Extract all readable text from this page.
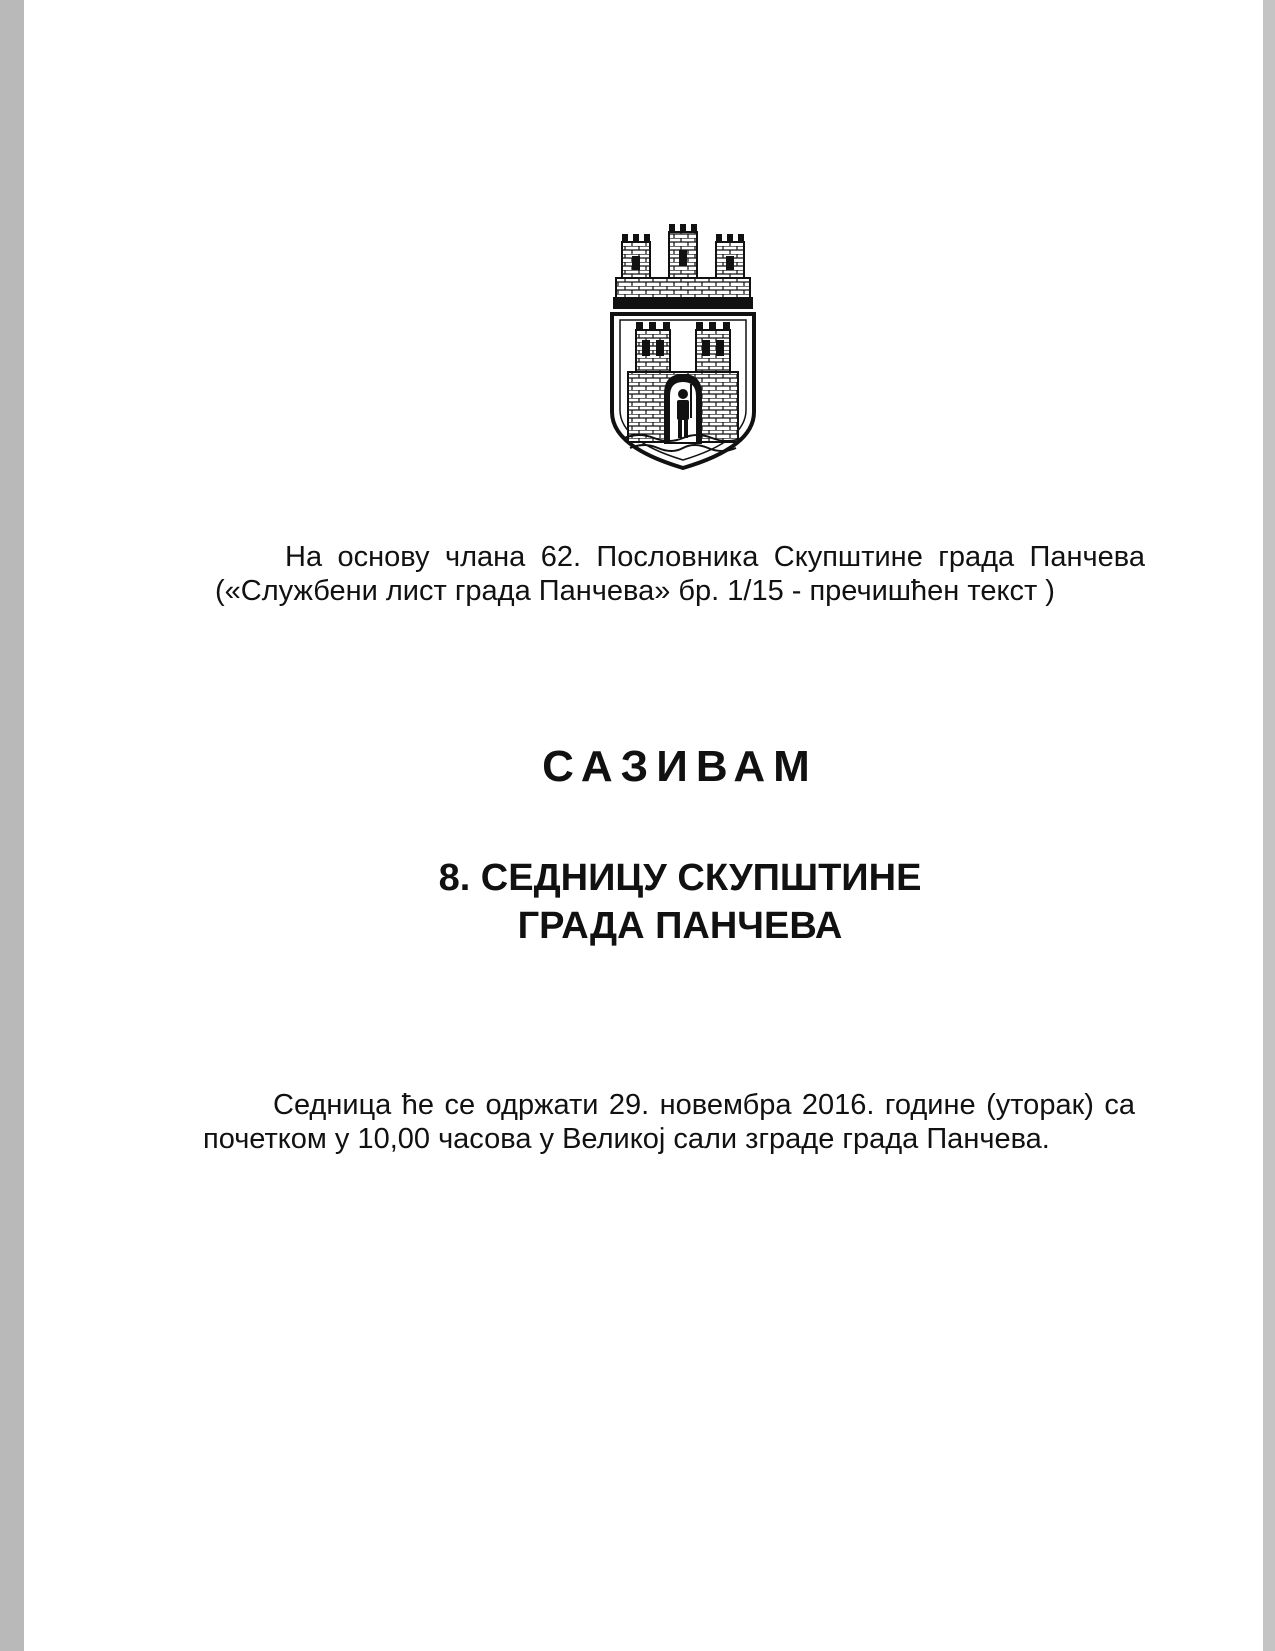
На основу члана 62. Пословника Скупштине града Панчева («Службени лист града Панчева» бр. 1/15 - пречишћен текст )
САЗИВАМ
8. СЕДНИЦУ СКУПШТИНЕ
ГРАДА ПАНЧЕВА
Седница ће се одржати 29. новембра 2016. године (уторак) са почетком у 10,00 часова у Великој сали зграде града Панчева.
